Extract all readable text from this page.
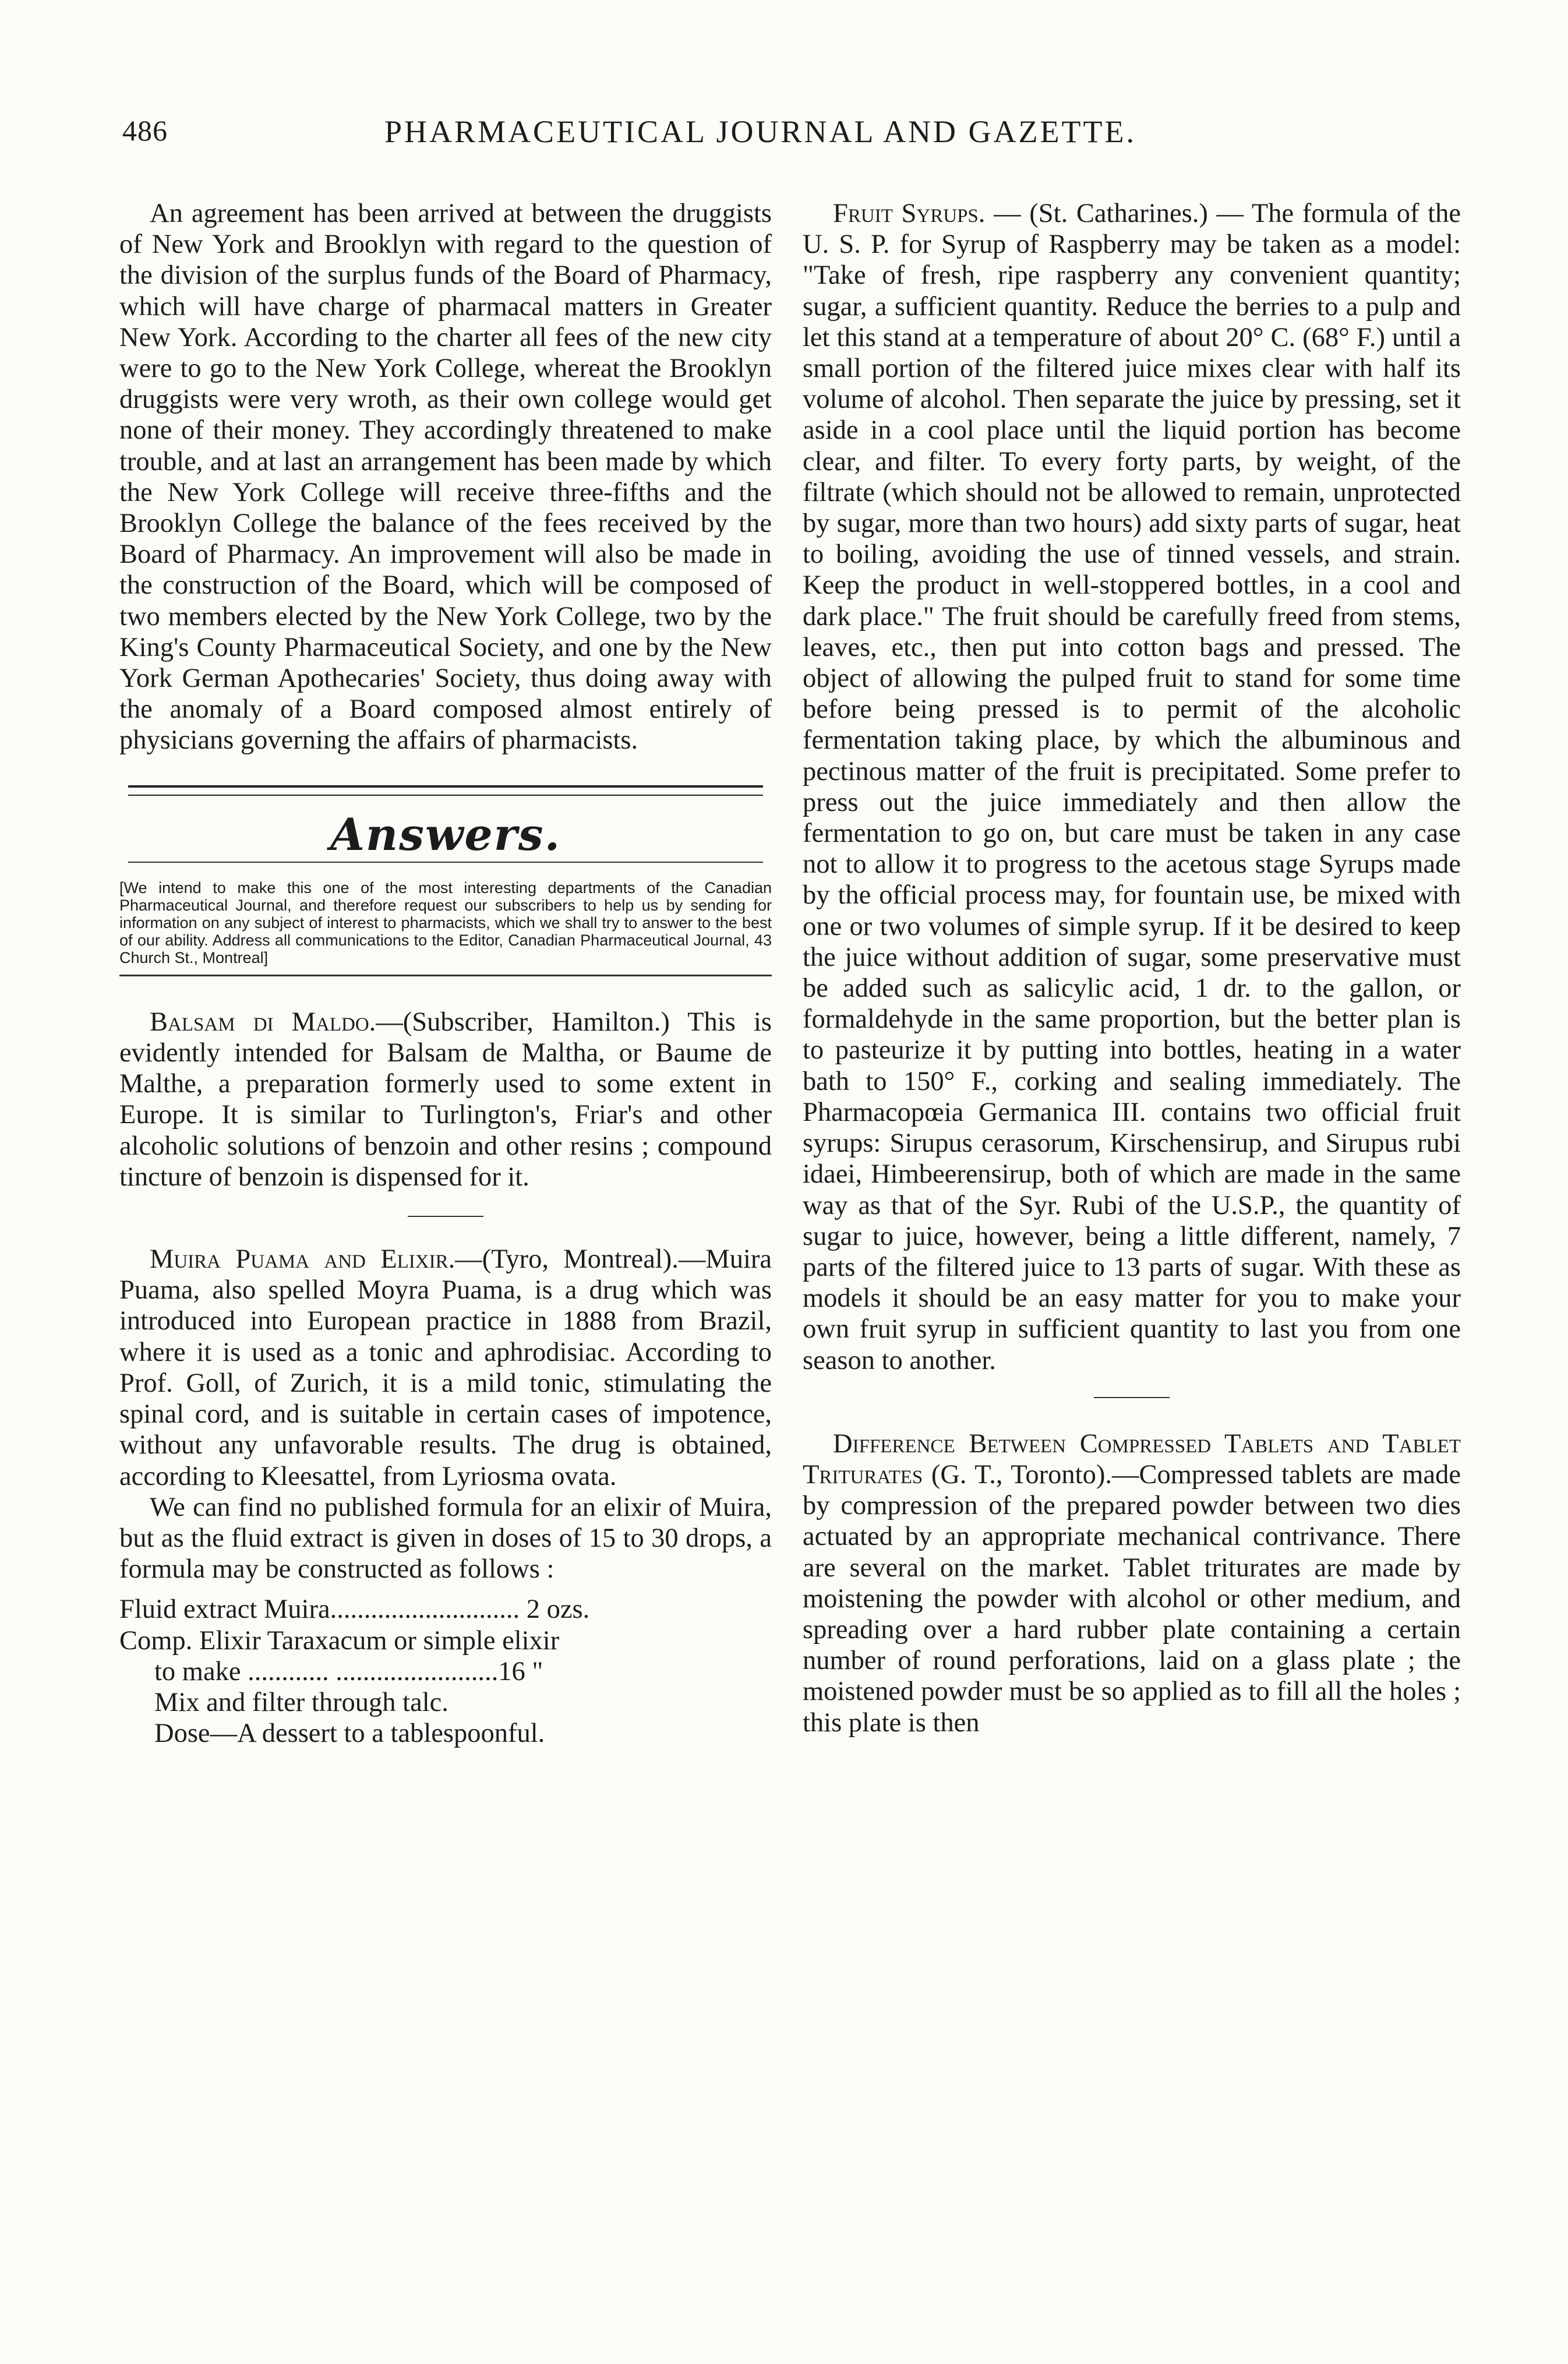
486	PHARMACEUTICAL JOURNAL AND GAZETTE.

An agreement has been arrived at between the druggists of New York and Brooklyn with regard to the question of the division of the surplus funds of the Board of Pharmacy, which will have charge of pharmacal matters in Greater New York. According to the charter all fees of the new city were to go to the New York College, whereat the Brooklyn druggists were very wroth, as their own college would get none of their money. They accordingly threatened to make trouble, and at last an arrangement has been made by which the New York College will receive three-fifths and the Brooklyn College the balance of the fees received by the Board of Pharmacy. An improvement will also be made in the construction of the Board, which will be composed of two members elected by the New York College, two by the King's County Pharmaceutical Society, and one by the New York German Apothecaries' Society, thus doing away with the anomaly of a Board composed almost entirely of physicians governing the affairs of pharmacists.

Answers.

[We intend to make this one of the most interesting departments of the Canadian Pharmaceutical Journal, and therefore request our subscribers to help us by sending for information on any subject of interest to pharmacists, which we shall try to answer to the best of our ability. Address all communications to the Editor, Canadian Pharmaceutical Journal, 43 Church St., Montreal]

Balsam di Maldo.—(Subscriber, Hamilton.) This is evidently intended for Balsam de Maltha, or Baume de Malthe, a preparation formerly used to some extent in Europe. It is similar to Turlington's, Friar's and other alcoholic solutions of benzoin and other resins ; compound tincture of benzoin is dispensed for it.

Muira Puama and Elixir.—(Tyro, Montreal).—Muira Puama, also spelled Moyra Puama, is a drug which was introduced into European practice in 1888 from Brazil, where it is used as a tonic and aphrodisiac. According to Prof. Goll, of Zurich, it is a mild tonic, stimulating the spinal cord, and is suitable in certain cases of impotence, without any unfavorable results. The drug is obtained, according to Kleesattel, from Lyriosma ovata.

We can find no published formula for an elixir of Muira, but as the fluid extract is given in doses of 15 to 30 drops, a formula may be constructed as follows :

Fluid extract Muira............................ 2 ozs.
Comp. Elixir Taraxacum or simple elixir
to make ............ ........................16 "
Mix and filter through talc.
Dose—A dessert to a tablespoonful.

Fruit Syrups. — (St. Catharines.) — The formula of the U. S. P. for Syrup of Raspberry may be taken as a model: "Take of fresh, ripe raspberry any convenient quantity; sugar, a sufficient quantity. Reduce the berries to a pulp and let this stand at a temperature of about 20° C. (68° F.) until a small portion of the filtered juice mixes clear with half its volume of alcohol. Then separate the juice by pressing, set it aside in a cool place until the liquid portion has become clear, and filter. To every forty parts, by weight, of the filtrate (which should not be allowed to remain, unprotected by sugar, more than two hours) add sixty parts of sugar, heat to boiling, avoiding the use of tinned vessels, and strain. Keep the product in well-stoppered bottles, in a cool and dark place." The fruit should be carefully freed from stems, leaves, etc., then put into cotton bags and pressed. The object of allowing the pulped fruit to stand for some time before being pressed is to permit of the alcoholic fermentation taking place, by which the albuminous and pectinous matter of the fruit is precipitated. Some prefer to press out the juice immediately and then allow the fermentation to go on, but care must be taken in any case not to allow it to progress to the acetous stage Syrups made by the official process may, for fountain use, be mixed with one or two volumes of simple syrup. If it be desired to keep the juice without addition of sugar, some preservative must be added such as salicylic acid, 1 dr. to the gallon, or formaldehyde in the same proportion, but the better plan is to pasteurize it by putting into bottles, heating in a water bath to 150° F., corking and sealing immediately. The Pharmacopœia Germanica III. contains two official fruit syrups: Sirupus cerasorum, Kirschensirup, and Sirupus rubi idaei, Himbeerensirup, both of which are made in the same way as that of the Syr. Rubi of the U.S.P., the quantity of sugar to juice, however, being a little different, namely, 7 parts of the filtered juice to 13 parts of sugar. With these as models it should be an easy matter for you to make your own fruit syrup in sufficient quantity to last you from one season to another.

Difference Between Compressed Tablets and Tablet Triturates (G. T., Toronto).—Compressed tablets are made by compression of the prepared powder between two dies actuated by an appropriate mechanical contrivance. There are several on the market. Tablet triturates are made by moistening the powder with alcohol or other medium, and spreading over a hard rubber plate containing a certain number of round perforations, laid on a glass plate ; the moistened powder must be so applied as to fill all the holes ; this plate is then
